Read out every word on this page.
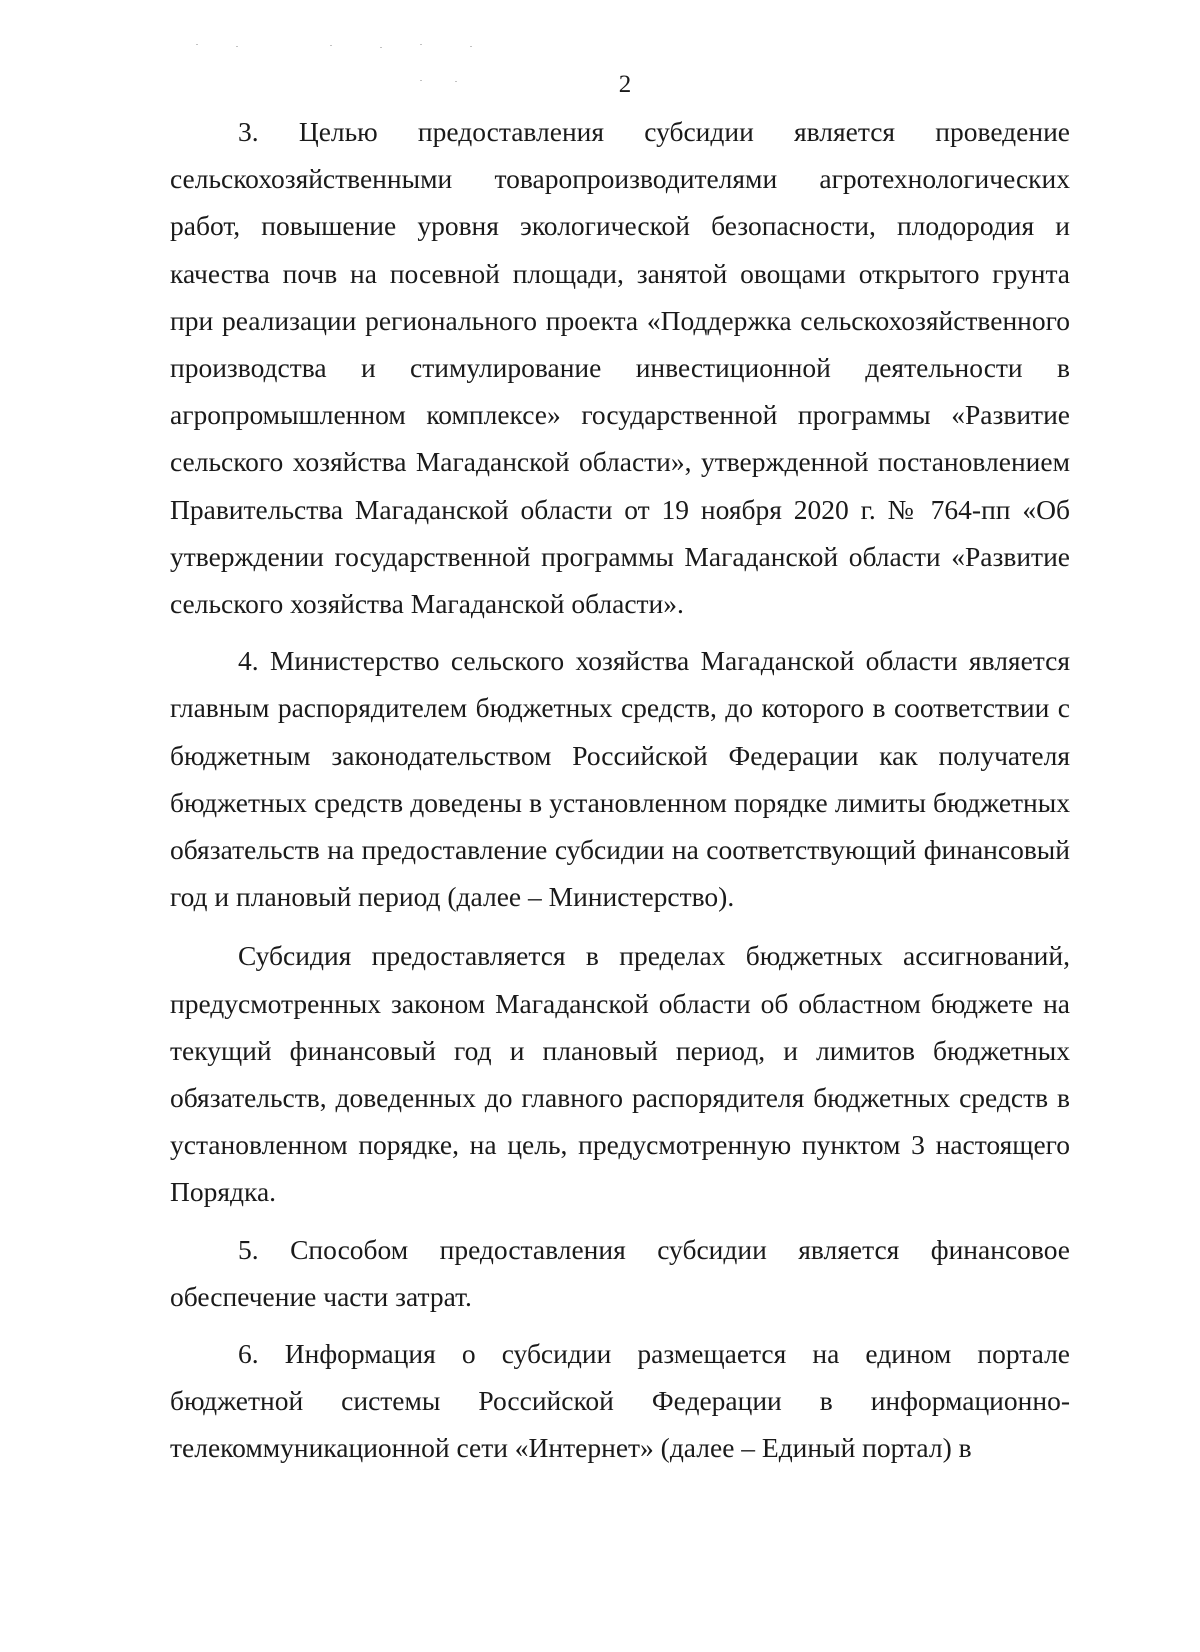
2

3. Целью предоставления субсидии является проведение сельскохозяйственными товаропроизводителями агротехнологических работ, повышение уровня экологической безопасности, плодородия и качества почв на посевной площади, занятой овощами открытого грунта при реализации регионального проекта «Поддержка сельскохозяйственного производства и стимулирование инвестиционной деятельности в агропромышленном комплексе» государственной программы «Развитие сельского хозяйства Магаданской области», утвержденной постановлением Правительства Магаданской области от 19 ноября 2020 г. № 764-пп «Об утверждении государственной программы Магаданской области «Развитие сельского хозяйства Магаданской области».

4. Министерство сельского хозяйства Магаданской области является главным распорядителем бюджетных средств, до которого в соответствии с бюджетным законодательством Российской Федерации как получателя бюджетных средств доведены в установленном порядке лимиты бюджетных обязательств на предоставление субсидии на соответствующий финансовый год и плановый период (далее – Министерство).

Субсидия предоставляется в пределах бюджетных ассигнований, предусмотренных законом Магаданской области об областном бюджете на текущий финансовый год и плановый период, и лимитов бюджетных обязательств, доведенных до главного распорядителя бюджетных средств в установленном порядке, на цель, предусмотренную пунктом 3 настоящего Порядка.

5. Способом предоставления субсидии является финансовое обеспечение части затрат.

6. Информация о субсидии размещается на едином портале бюджетной системы Российской Федерации в информационно-телекоммуникационной сети «Интернет» (далее – Единый портал) в
